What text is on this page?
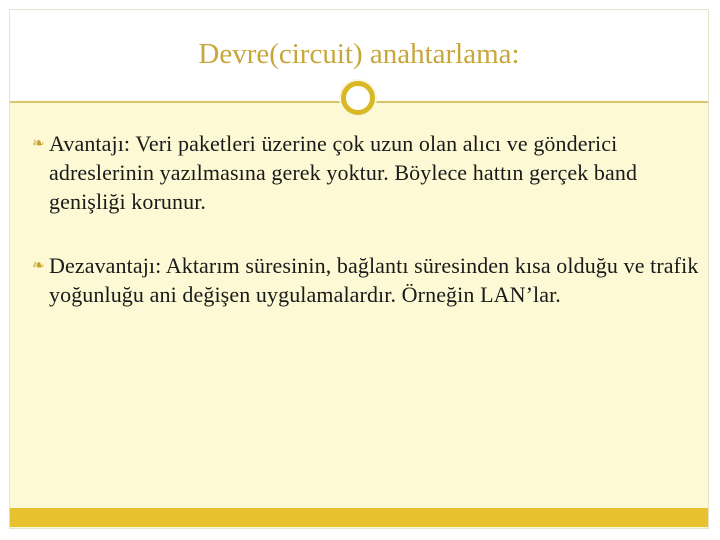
Devre(circuit) anahtarlama:
❧ Avantajı: Veri paketleri üzerine çok uzun olan alıcı ve gönderici adreslerinin yazılmasına gerek yoktur. Böylece hattın gerçek band genişliği korunur.
❧ Dezavantajı: Aktarım süresinin, bağlantı süresinden kısa olduğu ve trafik yoğunluğu ani değişen uygulamalardır. Örneğin LAN’lar.
